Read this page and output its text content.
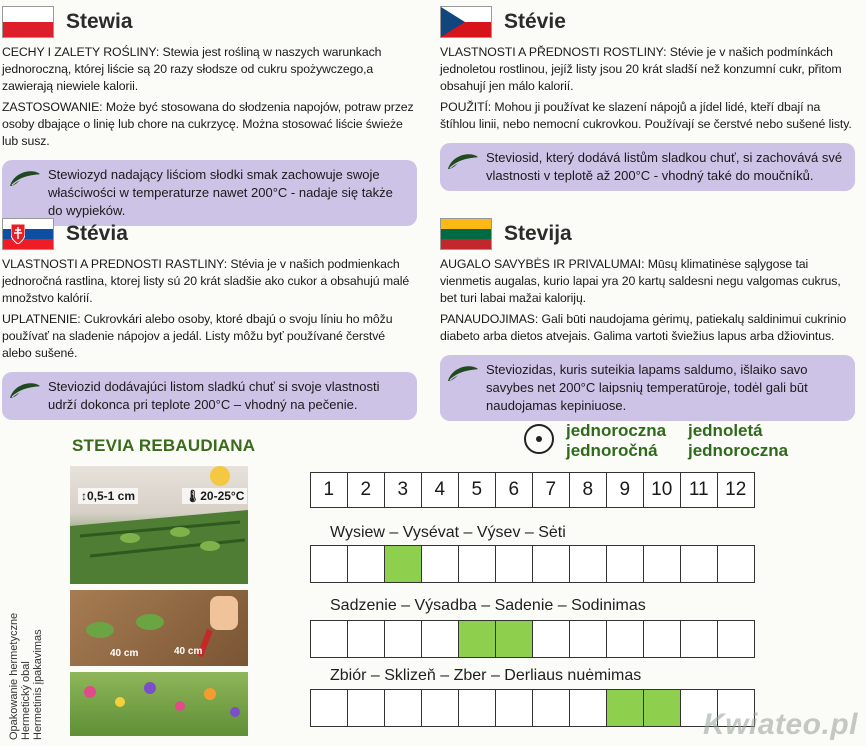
Stewia

CECHY I ZALETY ROŚLINY: Stewia jest rośliną w naszych warunkach jednoroczną, której liście są 20 razy słodsze od cukru spożywczego,a zawierają niewiele kalorii.

ZASTOSOWANIE: Może być stosowana do słodzenia napojów, potraw przez osoby dbające o linię lub chore na cukrzycę. Można stosować liście świeże lub susz.

Stewiozyd nadający liściom słodki smak zachowuje swoje właściwości w temperaturze nawet 200°C - nadaje się także do wypieków.
Stévie

VLASTNOSTI A PŘEDNOSTI ROSTLINY: Stévie je v našich podmínkách jednoletou rostlinou, jejíž listy jsou 20 krát sladší než konzumní cukr, přitom obsahují jen málo kalorií.

POUŽITÍ: Mohou ji používat ke slazení nápojů a jídel lidé, kteří dbají na štíhlou linii, nebo nemocní cukrovkou. Používají se čerstvé nebo sušené listy.

Steviosid, který dodává listům sladkou chuť, si zachovává své vlastnosti v teplotě až 200°C - vhodný také do moučníků.
Stévia

VLASTNOSTI A PREDNOSTI RASTLINY: Stévia je v našich podmienkach jednoročná rastlina, ktorej listy sú 20 krát sladšie ako cukor a obsahujú malé množstvo kalórií.

UPLATNENIE: Cukrovkári alebo osoby, ktoré dbajú o svoju líniu ho môžu používať na sladenie nápojov a jedál. Listy môžu byť používané čerstvé alebo sušené.

Steviozid dodávajúci listom sladkú chuť si svoje vlastnosti udrží dokonca pri teplote 200°C – vhodný na pečenie.
Stevija

AUGALO SAVYBĖS IR PRIVALUMAI: Mūsų klimatinėse sąlygose tai vienmetis augalas, kurio lapai yra 20 kartų saldesni negu valgomas cukrus, bet turi labai mažai kalorijų.

PANAUDOJIMAS: Gali būti naudojama gėrimų, patiekalų saldinimui cukrinio diabeto arba dietos atvejais. Galima vartoti šviežius lapus arba džiovintus.

Steviozidas, kuris suteikia lapams saldumo, išlaiko savo savybes net 200°C laipsnių temperatūroje, todėl gali būt naudojamas kepiniuose.
STEVIA REBAUDIANA
↕0,5-1 cm	🌡20-25°C
40 cm	40 cm
Opakowanie hermetyczne Hermetický obal Hermetinis įpakavimas
jednoroczna
jednoročná
jednoletá
jednoroczna
1	2	3	4	5	6	7	8	9	10 11 12
Wysiew – Vysévat – Výsev – Sėti
Sadzenie – Výsadba – Sadenie – Sodinimas
Zbiór – Sklizeň – Zber – Derliaus nuėmimas
Kwiateo.pl
